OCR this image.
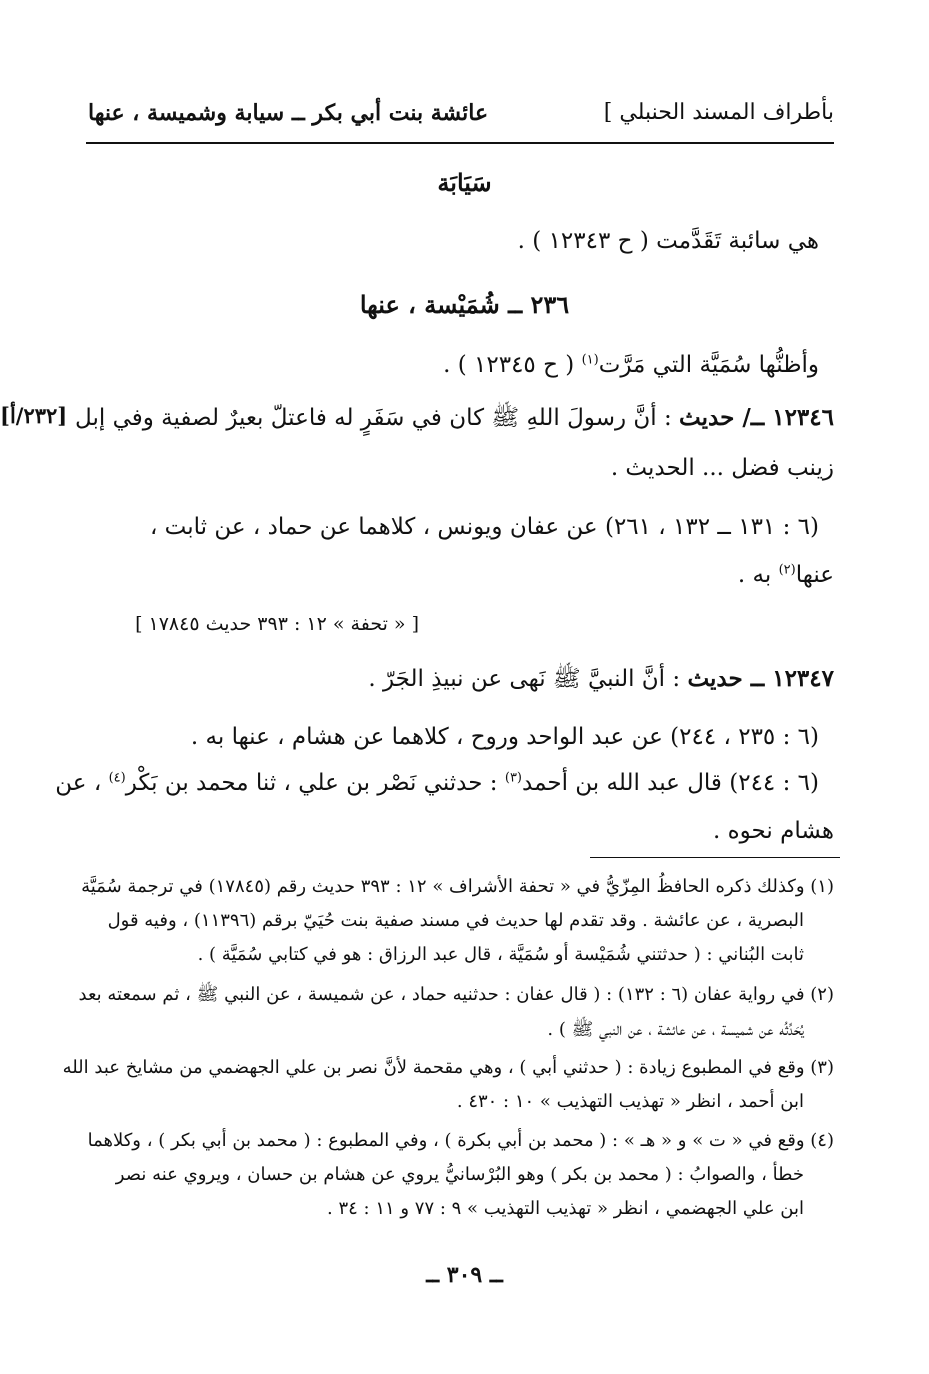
بأطراف المسند الحنبلي ]
عائشة بنت أبي بكر ــ سيابة وشميسة ، عنها
سَيَابَة
هي سائبة تَقَدَّمت ( ح ١٢٣٤٣ ) .
٢٣٦ ــ شُمَيْسة ، عنها
وأظنُّها سُمَيَّة التي مَرَّت$^{(١)}$ ( ح ١٢٣٤٥ ) .
[٢٣٢/أ]	١٢٣٤٦ ــ/ حديث : أنَّ رسولَ اللهِ ﷺ كان في سَفَرٍ له فاعتلّ بعيرٌ لصفية وفي إبل
زينب فضل ... الحديث .
(٦ : ١٣١ ــ ١٣٢ ، ٢٦١) عن عفان ويونس ، كلاهما عن حماد ، عن ثابت ،
عنها$^{(٢)}$ به .
[ « تحفة » ١٢ : ٣٩٣ حديث ١٧٨٤٥ ]
١٢٣٤٧ ــ حديث : أنَّ النبيَّ ﷺ نَهى عن نبيذِ الجَرّ .
(٦ : ٢٣٥ ، ٢٤٤) عن عبد الواحد وروح ، كلاهما عن هشام ، عنها به .
(٦ : ٢٤٤) قال عبد الله بن أحمد$^{(٣)}$ : حدثني نَصْر بن علي ، ثنا محمد بن بَكْر$^{(٤)}$ ، عن
هشام نحوه .
(١) وكذلك ذكره الحافظُ المِزّيُّ في « تحفة الأشراف » ١٢ : ٣٩٣ حديث رقم (١٧٨٤٥) في ترجمة سُمَيَّة
البصرية ، عن عائشة . وقد تقدم لها حديث في مسند صفية بنت حُيَيّ برقم (١١٣٩٦) ، وفيه قول
ثابت البُناني : ( حدثتني شُمَيْسة أو سُمَيَّة ، قال عبد الرزاق : هو في كتابي سُمَيَّة ) .
(٢) في رواية عفان (٦ : ١٣٢) : ( قال عفان : حدثنيه حماد ، عن شميسة ، عن النبي ﷺ ، ثم سمعته بعد
يُحَدِّثُه عن شميسة ، عن عائشة ، عن النبي ﷺ ) .
(٣) وقع في المطبوع زيادة : ( حدثني أبي ) ، وهي مقحمة لأنَّ نصر بن علي الجهضمي من مشايخ عبد الله
ابن أحمد ، انظر « تهذيب التهذيب » ١٠ : ٤٣٠ .
(٤) وقع في « ت » و « هـ » : ( محمد بن أبي بكرة ) ، وفي المطبوع : ( محمد بن أبي بكر ) ، وكلاهما
خطأ ، والصوابُ : ( محمد بن بكر ) وهو البُرْسانيُّ يروي عن هشام بن حسان ، ويروي عنه نصر
ابن علي الجهضمي ، انظر « تهذيب التهذيب » ٩ : ٧٧ و ١١ : ٣٤ .
ــ ٣٠٩ ــ
